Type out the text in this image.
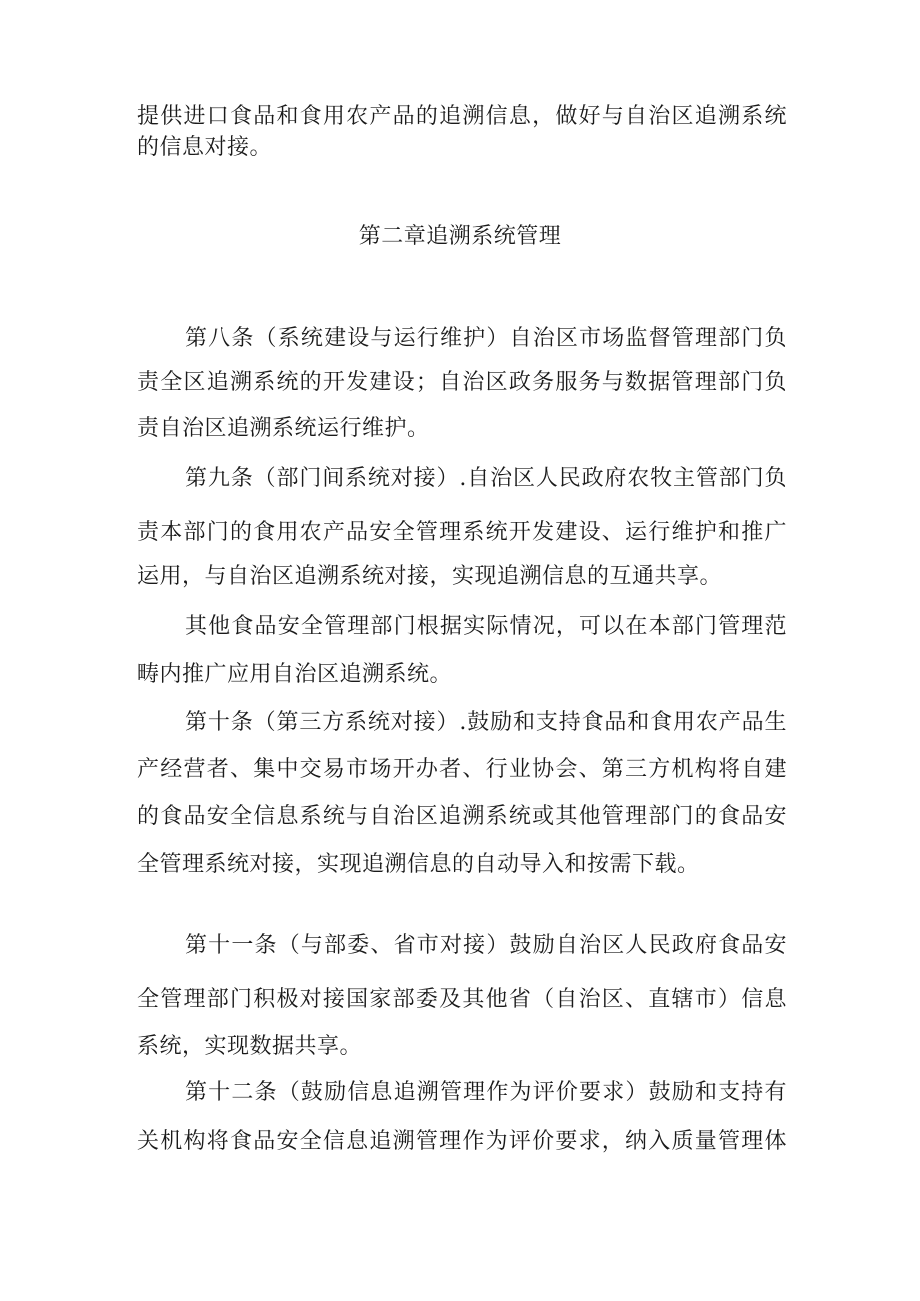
提供进口食品和食用农产品的追溯信息，做好与自治区追溯系统
的信息对接。
第二章追溯系统管理
第八条（系统建设与运行维护）自治区市场监督管理部门负
责全区追溯系统的开发建设；自治区政务服务与数据管理部门负
责自治区追溯系统运行维护。
第九条（部门间系统对接）.自治区人民政府农牧主管部门负
责本部门的食用农产品安全管理系统开发建设、运行维护和推广
运用，与自治区追溯系统对接，实现追溯信息的互通共享。
其他食品安全管理部门根据实际情况，可以在本部门管理范
畴内推广应用自治区追溯系统。
第十条（第三方系统对接）.鼓励和支持食品和食用农产品生
产经营者、集中交易市场开办者、行业协会、第三方机构将自建
的食品安全信息系统与自治区追溯系统或其他管理部门的食品安
全管理系统对接，实现追溯信息的自动导入和按需下载。
第十一条（与部委、省市对接）鼓励自治区人民政府食品安
全管理部门积极对接国家部委及其他省（自治区、直辖市）信息
系统，实现数据共享。
第十二条（鼓励信息追溯管理作为评价要求）鼓励和支持有
关机构将食品安全信息追溯管理作为评价要求，纳入质量管理体
